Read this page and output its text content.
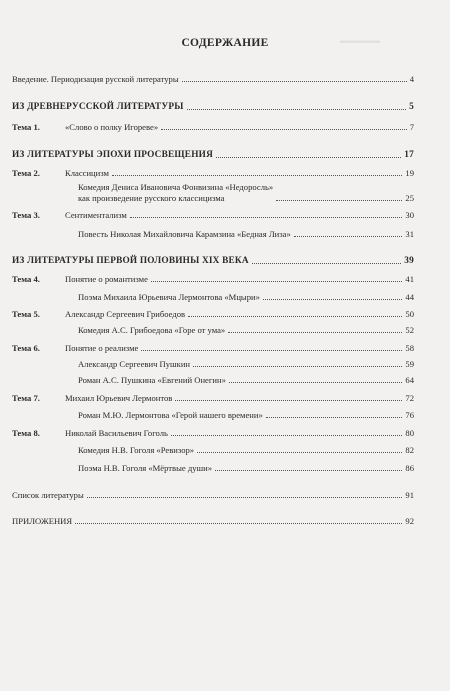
▬▬▬▬▬
СОДЕРЖАНИЕ
Введение. Периодизация русской литературы	4
ИЗ ДРЕВНЕРУССКОЙ ЛИТЕРАТУРЫ	5
Тема 1.	«Слово о полку Игореве»	7
ИЗ ЛИТЕРАТУРЫ ЭПОХИ ПРОСВЕЩЕНИЯ	17
Тема 2.	Классицизм	19
Комедия Дениса Ивановича Фонвизина «Недоросль»
как произведение русского классицизма	25
Тема 3.	Сентиментализм	30
Повесть Николая Михайловича Карамзина «Бедная Лиза»	31
ИЗ ЛИТЕРАТУРЫ ПЕРВОЙ ПОЛОВИНЫ XIX ВЕКА	39
Тема 4.	Понятие о романтизме	41
Поэма Михаила Юрьевича Лермонтова «Мцыри»	44
Тема 5.	Александр Сергеевич Грибоедов	50
Комедия А.С. Грибоедова «Горе от ума»	52
Тема 6.	Понятие о реализме	58
Александр Сергеевич Пушкин	59
Роман А.С. Пушкина «Евгений Онегин»	64
Тема 7.	Михаил Юрьевич Лермонтов	72
Роман М.Ю. Лермонтова «Герой нашего времени»	76
Тема 8.	Николай Васильевич Гоголь	80
Комедия Н.В. Гоголя «Ревизор»	82
Поэма Н.В. Гоголя «Мёртвые души»	86
Список литературы	91
ПРИЛОЖЕНИЯ	92
